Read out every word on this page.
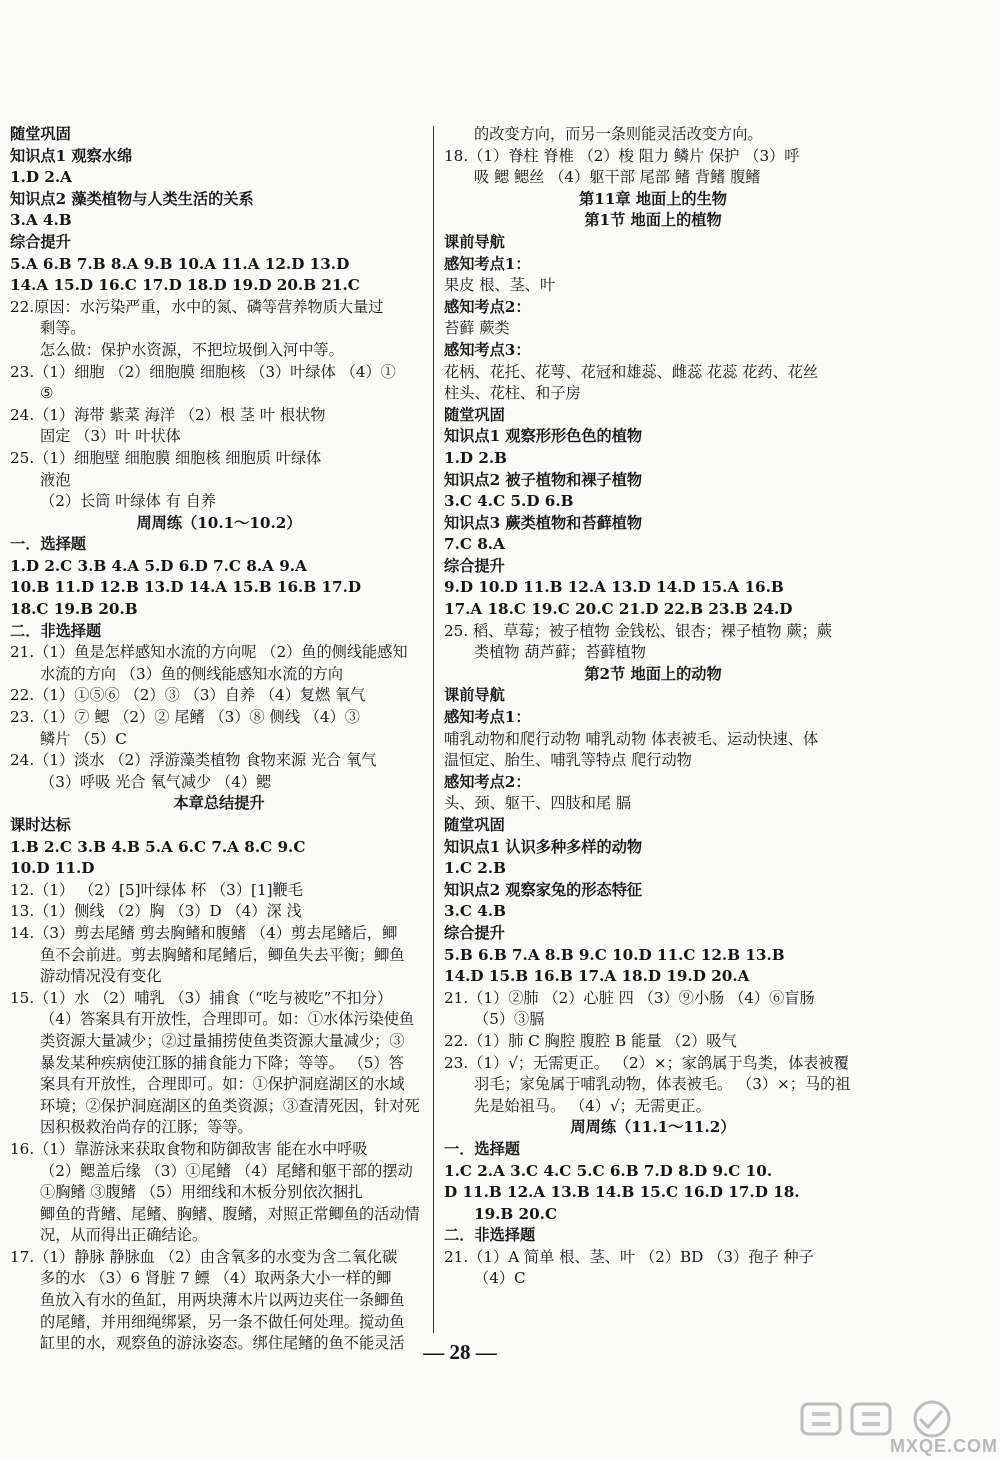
随堂巩固
知识点1 观察水绵
1.D 2.A
知识点2 藻类植物与人类生活的关系
3.A 4.B
综合提升
5.A 6.B 7.B 8.A 9.B 10.A 11.A 12.D 13.D
14.A 15.D 16.C 17.D 18.D 19.D 20.B 21.C
22.原因：水污染严重，水中的氮、磷等营养物质大量过
剩等。
怎么做：保护水资源，不把垃圾倒入河中等。
23.（1）细胞 （2）细胞膜 细胞核 （3）叶绿体 （4）①
⑤
24.（1）海带 紫菜 海洋 （2）根 茎 叶 根状物
固定 （3）叶 叶状体
25.（1）细胞壁 细胞膜 细胞核 细胞质 叶绿体
液泡
（2）长筒 叶绿体 有 自养
周周练（10.1～10.2）
一．选择题
1.D 2.C 3.B 4.A 5.D 6.D 7.C 8.A 9.A
10.B 11.D 12.B 13.D 14.A 15.B 16.B 17.D
18.C 19.B 20.B
二．非选择题
21.（1）鱼是怎样感知水流的方向呢 （2）鱼的侧线能感知
水流的方向 （3）鱼的侧线能感知水流的方向
22.（1）①⑤⑥ （2）③ （3）自养 （4）复燃 氧气
23.（1）⑦ 鳃 （2）② 尾鳍 （3）⑧ 侧线 （4）③
鳞片 （5）C
24.（1）淡水 （2）浮游藻类植物 食物来源 光合 氧气
（3）呼吸 光合 氧气减少 （4）鳃
本章总结提升
课时达标
1.B 2.C 3.B 4.B 5.A 6.C 7.A 8.C 9.C
10.D 11.D
12.（1） （2）[5]叶绿体 杯 （3）[1]鞭毛
13.（1）侧线 （2）胸 （3）D （4）深 浅
14.（3）剪去尾鳍 剪去胸鳍和腹鳍 （4）剪去尾鳍后，鲫
鱼不会前进。剪去胸鳍和尾鳍后，鲫鱼失去平衡；鲫鱼
游动情况没有变化
15.（1）水 （2）哺乳 （3）捕食（“吃与被吃”不扣分）
（4）答案具有开放性，合理即可。如：①水体污染使鱼
类资源大量减少；②过量捕捞使鱼类资源大量减少；③
暴发某种疾病使江豚的捕食能力下降；等等。 （5）答
案具有开放性，合理即可。如：①保护洞庭湖区的水域
环境；②保护洞庭湖区的鱼类资源；③查清死因，针对死
因积极救治尚存的江豚；等等。
16.（1）靠游泳来获取食物和防御敌害 能在水中呼吸
（2）鳃盖后缘 （3）①尾鳍 （4）尾鳍和躯干部的摆动
①胸鳍 ③腹鳍 （5）用细线和木板分别依次捆扎
鲫鱼的背鳍、尾鳍、胸鳍、腹鳍，对照正常鲫鱼的活动情
况，从而得出正确结论。
17.（1）静脉 静脉血 （2）由含氧多的水变为含二氧化碳
多的水 （3）6 肾脏 7 鳔 （4）取两条大小一样的鲫
鱼放入有水的鱼缸，用两块薄木片以两边夹住一条鲫鱼
的尾鳍，并用细绳绑紧，另一条不做任何处理。搅动鱼
缸里的水，观察鱼的游泳姿态。绑住尾鳍的鱼不能灵活
的改变方向，而另一条则能灵活改变方向。
18.（1）脊柱 脊椎 （2）梭 阻力 鳞片 保护 （3）呼
吸 鳃 鳃丝 （4）躯干部 尾部 鳍 背鳍 腹鳍
第11章 地面上的生物
第1节 地面上的植物
课前导航
感知考点1：
果皮 根、茎、叶
感知考点2：
苔藓 蕨类
感知考点3：
花柄、花托、花萼、花冠和雄蕊、雌蕊 花蕊 花药、花丝
柱头、花柱、和子房
随堂巩固
知识点1 观察形形色色的植物
1.D 2.B
知识点2 被子植物和裸子植物
3.C 4.C 5.D 6.B
知识点3 蕨类植物和苔藓植物
7.C 8.A
综合提升
9.D 10.D 11.B 12.A 13.D 14.D 15.A 16.B
17.A 18.C 19.C 20.C 21.D 22.B 23.B 24.D
25. 稻、草莓；被子植物 金钱松、银杏；裸子植物 蕨；蕨
类植物 葫芦藓；苔藓植物
第2节 地面上的动物
课前导航
感知考点1：
哺乳动物和爬行动物 哺乳动物 体表被毛、运动快速、体
温恒定、胎生、哺乳等特点 爬行动物
感知考点2：
头、颈、躯干、四肢和尾 膈
随堂巩固
知识点1 认识多种多样的动物
1.C 2.B
知识点2 观察家兔的形态特征
3.C 4.B
综合提升
5.B 6.B 7.A 8.B 9.C 10.D 11.C 12.B 13.B
14.D 15.B 16.B 17.A 18.D 19.D 20.A
21.（1）②肺 （2）心脏 四 （3）⑨小肠 （4）⑥盲肠
（5）③膈
22.（1）肺 C 胸腔 腹腔 B 能量 （2）吸气
23.（1）√；无需更正。 （2）×；家鸽属于鸟类，体表被覆
羽毛；家兔属于哺乳动物，体表被毛。 （3）×；马的祖
先是始祖马。 （4）√；无需更正。
周周练（11.1～11.2）
一．选择题
1.C 2.A 3.C 4.C 5.C 6.B 7.D 8.D 9.C 10.
D 11.B 12.A 13.B 14.B 15.C 16.D 17.D 18.
19.B 20.C
二．非选择题
21.（1）A 简单 根、茎、叶 （2）BD （3）孢子 种子
（4）C
— 28 —
MXQE.COM
